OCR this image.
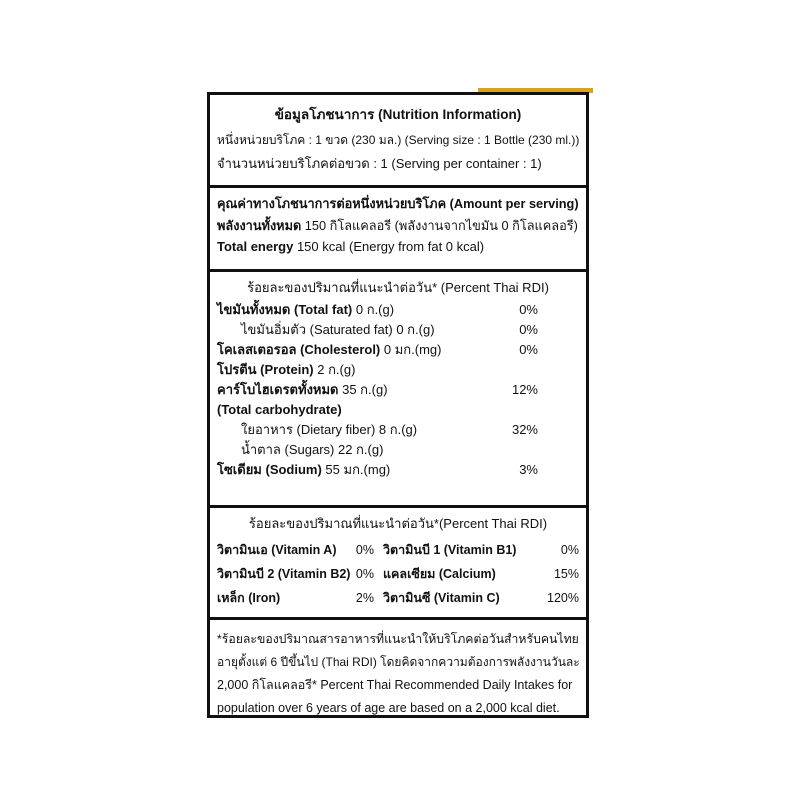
ข้อมูลโภชนาการ (Nutrition Information)
หนึ่งหน่วยบริโภค : 1 ขวด (230 มล.) (Serving size : 1 Bottle (230 ml.))
จำนวนหน่วยบริโภคต่อขวด : 1 (Serving per container : 1)
คุณค่าทางโภชนาการต่อหนึ่งหน่วยบริโภค (Amount per serving)
พลังงานทั้งหมด 150 กิโลแคลอรี (พลังงานจากไขมัน 0 กิโลแคลอรี)
Total energy 150 kcal (Energy from fat 0 kcal)
ร้อยละของปริมาณที่แนะนำต่อวัน* (Percent Thai RDI)
ไขมันทั้งหมด (Total fat) 0 ก.(g)	0%
ไขมันอิ่มตัว (Saturated fat) 0 ก.(g)	0%
โคเลสเตอรอล (Cholesterol) 0 มก.(mg)	0%
โปรตีน (Protein) 2 ก.(g)
คาร์โบไฮเดรตทั้งหมด 35 ก.(g)	12%
(Total carbohydrate)
ใยอาหาร (Dietary fiber) 8 ก.(g)	32%
น้ำตาล (Sugars) 22 ก.(g)
โซเดียม (Sodium) 55 มก.(mg)	3%
ร้อยละของปริมาณที่แนะนำต่อวัน*(Percent Thai RDI)
วิตามินเอ (Vitamin A) 0% วิตามินบี 1 (Vitamin B1)	0%
วิตามินบี 2 (Vitamin B2) 0% แคลเซียม (Calcium)	15%
เหล็ก (Iron)	2% วิตามินซี (Vitamin C)	120%
*ร้อยละของปริมาณสารอาหารที่แนะนำให้บริโภคต่อวันสำหรับคนไทย
อายุตั้งแต่ 6 ปีขึ้นไป (Thai RDI) โดยคิดจากความต้องการพลังงานวันละ
2,000 กิโลแคลอรี* Percent Thai Recommended Daily Intakes for
population over 6 years of age are based on a 2,000 kcal diet.
